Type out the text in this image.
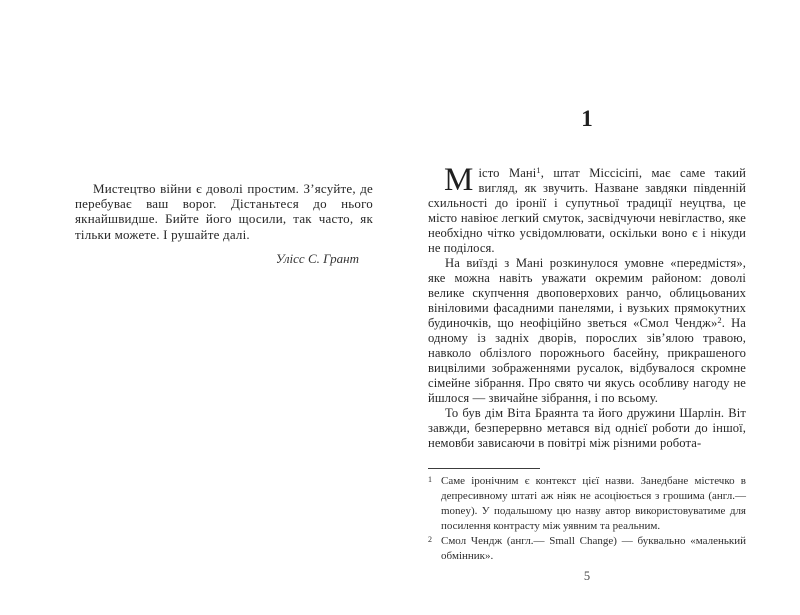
Мистецтво війни є доволі простим. З’ясуйте, де перебуває ваш ворог. Дістаньтеся до нього якнайшвидше. Бийте його щосили, так часто, як тільки можете. І рушайте далі.

Улісс С. Грант

1

Місто Мані$^1$, штат Міссісіпі, має саме такий вигляд, як звучить. Назване завдяки південній схильності до іронії і супутньої традиції неуцтва, це місто навіює легкий смуток, засвідчуючи невігластво, яке необхідно чітко усвідомлювати, оскільки воно є і нікуди не поділося.

На виїзді з Мані розкинулося умовне «передмістя», яке можна навіть уважати окремим районом: доволі велике скупчення двоповерхових ранчо, облицьованих вініловими фасадними панелями, і вузьких прямокутних будиночків, що неофіційно зветься «Смол Чендж»$^2$. На одному із задніх дворів, порослих зів’ялою травою, навколо облізлого порожнього басейну, прикрашеного вицвілими зображеннями русалок, відбувалося скромне сімейне зібрання. Про свято чи якусь особливу нагоду не йшлося — звичайне зібрання, і по всьому.

То був дім Віта Браянта та його дружини Шарлін. Віт завжди, безперервно метався від однієї роботи до іншої, немовби зависаючи в повітрі між різними робота-

1 Саме іронічним є контекст цієї назви. Занедбане містечко в депресивному штаті аж ніяк не асоціюється з грошима (англ.— money). У подальшому цю назву автор використовуватиме для посилення контрасту між уявним та реальним.

2 Смол Чендж (англ.— Small Change) — буквально «маленький обмінник».

5
